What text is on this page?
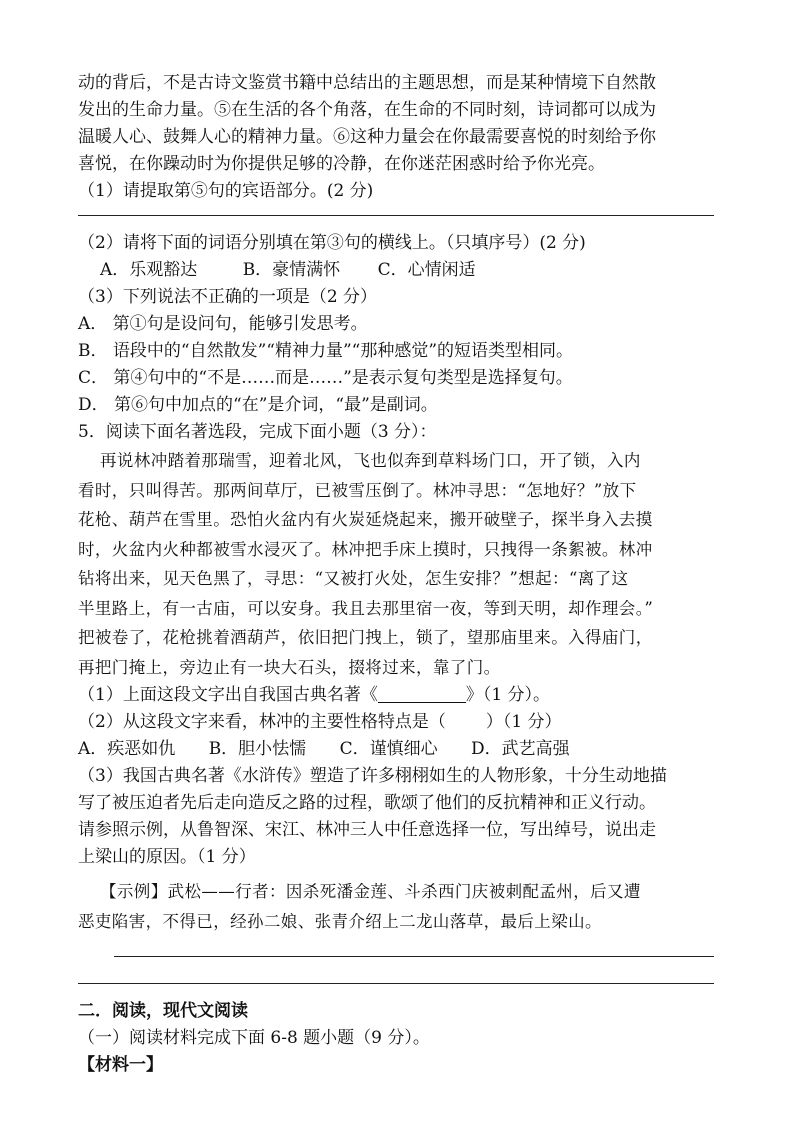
动的背后，不是古诗文鉴赏书籍中总结出的主题思想，而是某种情境下自然散
发出的生命力量。⑤在生活的各个角落，在生命的不同时刻，诗词都可以成为
温暖人心、鼓舞人心的精神力量。⑥这种力量会在你最需要喜悦的时刻给予你
喜悦，在你躁动时为你提供足够的冷静，在你迷茫困惑时给予你光亮。
（1）请提取第⑤句的宾语部分。(2 分)
（2）请将下面的词语分别填在第③句的横线上。（只填序号）(2 分)
A．乐观豁达	B．豪情满怀 C．心情闲适
（3）下列说法不正确的一项是（2 分）
A． 第①句是设问句，能够引发思考。
B． 语段中的“自然散发”“精神力量”“那种感觉”的短语类型相同。
C． 第④句中的“不是……而是……”是表示复句类型是选择复句。
D． 第⑥句中加点的“在”是介词，“最”是副词。
5．阅读下面名著选段，完成下面小题（3 分）：
再说林冲踏着那瑞雪，迎着北风，飞也似奔到草料场门口，开了锁，入内
看时，只叫得苦。那两间草厅，已被雪压倒了。林冲寻思：“怎地好？”放下
花枪、葫芦在雪里。恐怕火盆内有火炭延烧起来，搬开破壁子，探半身入去摸
时，火盆内火种都被雪水浸灭了。林冲把手床上摸时，只拽得一条絮被。林冲
钻将出来，见天色黑了，寻思：“又被打火处，怎生安排？”想起：“离了这
半里路上，有一古庙，可以安身。我且去那里宿一夜，等到天明，却作理会。”
把被卷了，花枪挑着酒葫芦，依旧把门拽上，锁了，望那庙里来。入得庙门，
再把门掩上，旁边止有一块大石头，掇将过来，靠了门。
（1）上面这段文字出自我国古典名著《	》（1 分）。
（2）从这段文字来看，林冲的主要性格特点是（ ）（1 分）
A．疾恶如仇 B．胆小怯懦 C．谨慎细心 D．武艺高强
（3）我国古典名著《水浒传》塑造了许多栩栩如生的人物形象，十分生动地描
写了被压迫者先后走向造反之路的过程，歌颂了他们的反抗精神和正义行动。
请参照示例，从鲁智深、宋江、林冲三人中任意选择一位，写出绰号，说出走
上梁山的原因。（1 分）
【示例】武松——行者：因杀死潘金莲、斗杀西门庆被刺配孟州，后又遭
恶吏陷害，不得已，经孙二娘、张青介绍上二龙山落草，最后上梁山。
二．阅读，现代文阅读
（一）阅读材料完成下面 6-8 题小题（9 分）。
【材料一】
